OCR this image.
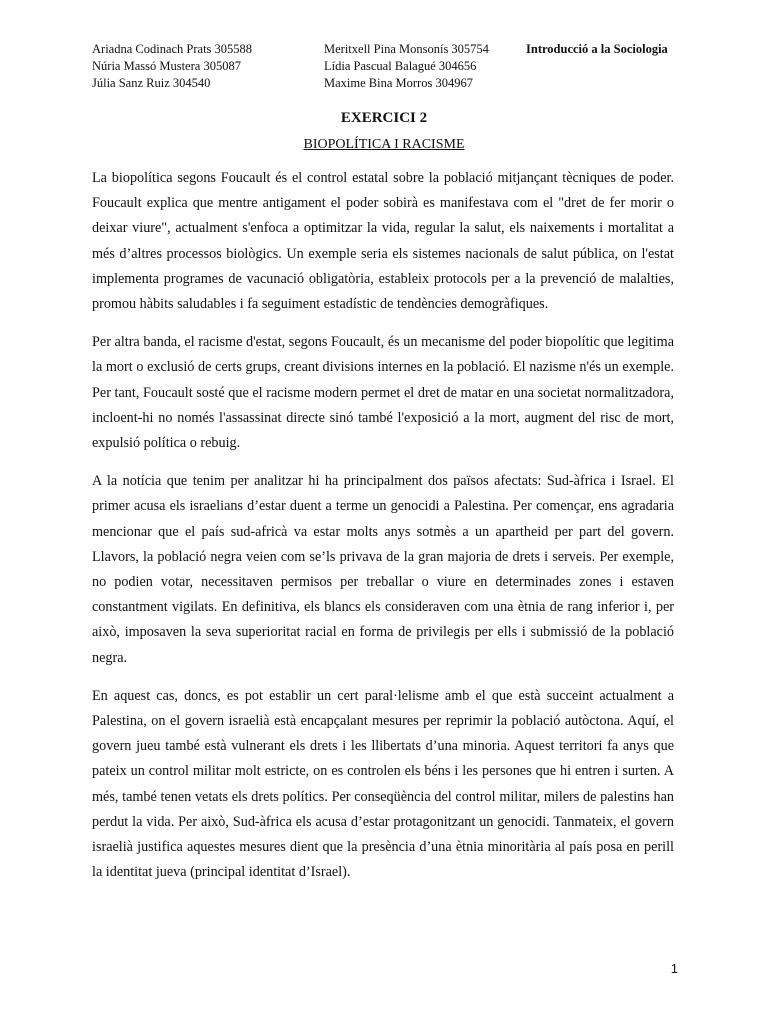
Ariadna Codinach Prats 305588
Núria Massó Mustera 305087
Júlia Sanz Ruiz 304540
Meritxell Pina Monsonís 305754
Lídia Pascual Balagué 304656
Maxime Bina Morros 304967
Introducció a la Sociologia
EXERCICI 2
BIOPOLÍTICA I RACISME

La biopolítica segons Foucault és el control estatal sobre la població mitjançant tècniques de poder. Foucault explica que mentre antigament el poder sobirà es manifestava com el "dret de fer morir o deixar viure", actualment s'enfoca a optimitzar la vida, regular la salut, els naixements i mortalitat a més d’altres processos biològics. Un exemple seria els sistemes nacionals de salut pública, on l'estat implementa programes de vacunació obligatòria, estableix protocols per a la prevenció de malalties, promou hàbits saludables i fa seguiment estadístic de tendències demogràfiques.

Per altra banda, el racisme d'estat, segons Foucault, és un mecanisme del poder biopolític que legitima la mort o exclusió de certs grups, creant divisions internes en la població. El nazisme n'és un exemple. Per tant, Foucault sosté que el racisme modern permet el dret de matar en una societat normalitzadora, incloent-hi no només l'assassinat directe sinó també l'exposició a la mort, augment del risc de mort, expulsió política o rebuig.

A la notícia que tenim per analitzar hi ha principalment dos països afectats: Sud-àfrica i Israel. El primer acusa els israelians d’estar duent a terme un genocidi a Palestina. Per començar, ens agradaria mencionar que el país sud-africà va estar molts anys sotmès a un apartheid per part del govern. Llavors, la població negra veien com se’ls privava de la gran majoria de drets i serveis. Per exemple, no podien votar, necessitaven permisos per treballar o viure en determinades zones i estaven constantment vigilats. En definitiva, els blancs els consideraven com una ètnia de rang inferior i, per això, imposaven la seva superioritat racial en forma de privilegis per ells i submissió de la població negra.

En aquest cas, doncs, es pot establir un cert paral·lelisme amb el que està succeint actualment a Palestina, on el govern israelià està encapçalant mesures per reprimir la població autòctona. Aquí, el govern jueu també està vulnerant els drets i les llibertats d’una minoria. Aquest territori fa anys que pateix un control militar molt estricte, on es controlen els béns i les persones que hi entren i surten. A més, també tenen vetats els drets polítics. Per conseqüència del control militar, milers de palestins han perdut la vida. Per això, Sud-àfrica els acusa d’estar protagonitzant un genocidi. Tanmateix, el govern israelià justifica aquestes mesures dient que la presència d’una ètnia minoritària al país posa en perill la identitat jueva (principal identitat d’Israel).

1
